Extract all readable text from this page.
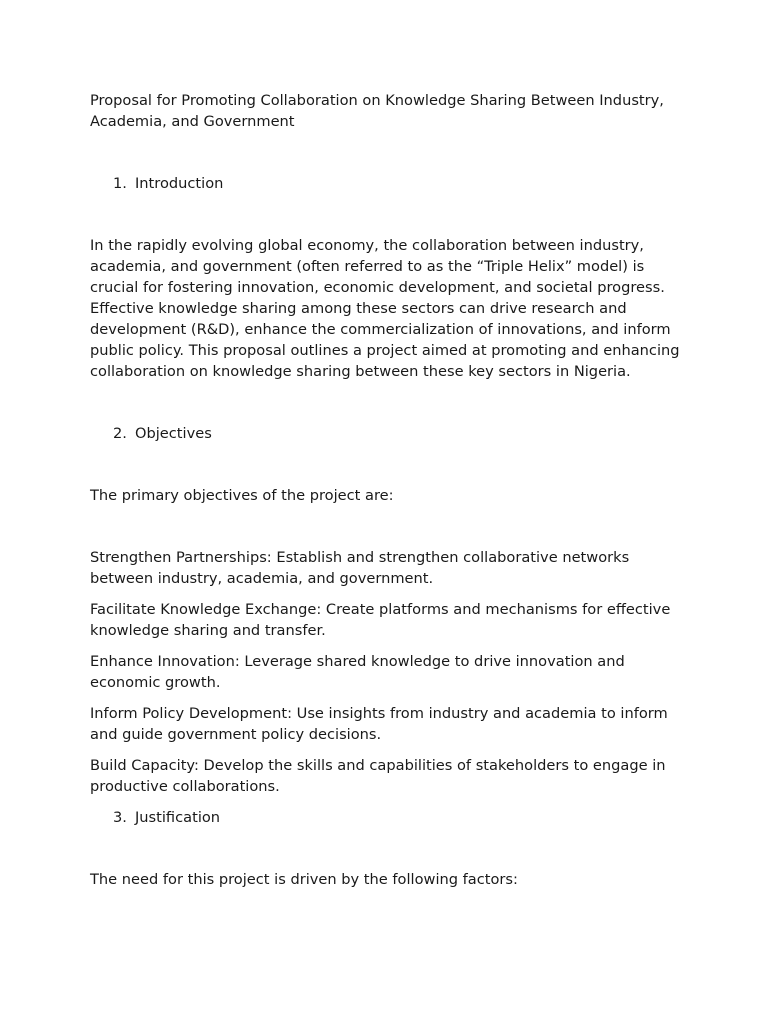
Proposal for Promoting Collaboration on Knowledge Sharing Between Industry, Academia, and Government

1. Introduction

In the rapidly evolving global economy, the collaboration between industry, academia, and government (often referred to as the “Triple Helix” model) is crucial for fostering innovation, economic development, and societal progress. Effective knowledge sharing among these sectors can drive research and development (R&D), enhance the commercialization of innovations, and inform public policy. This proposal outlines a project aimed at promoting and enhancing collaboration on knowledge sharing between these key sectors in Nigeria.

2. Objectives

The primary objectives of the project are:

Strengthen Partnerships: Establish and strengthen collaborative networks between industry, academia, and government.

Facilitate Knowledge Exchange: Create platforms and mechanisms for effective knowledge sharing and transfer.

Enhance Innovation: Leverage shared knowledge to drive innovation and economic growth.

Inform Policy Development: Use insights from industry and academia to inform and guide government policy decisions.

Build Capacity: Develop the skills and capabilities of stakeholders to engage in productive collaborations.

3. Justification

The need for this project is driven by the following factors:
